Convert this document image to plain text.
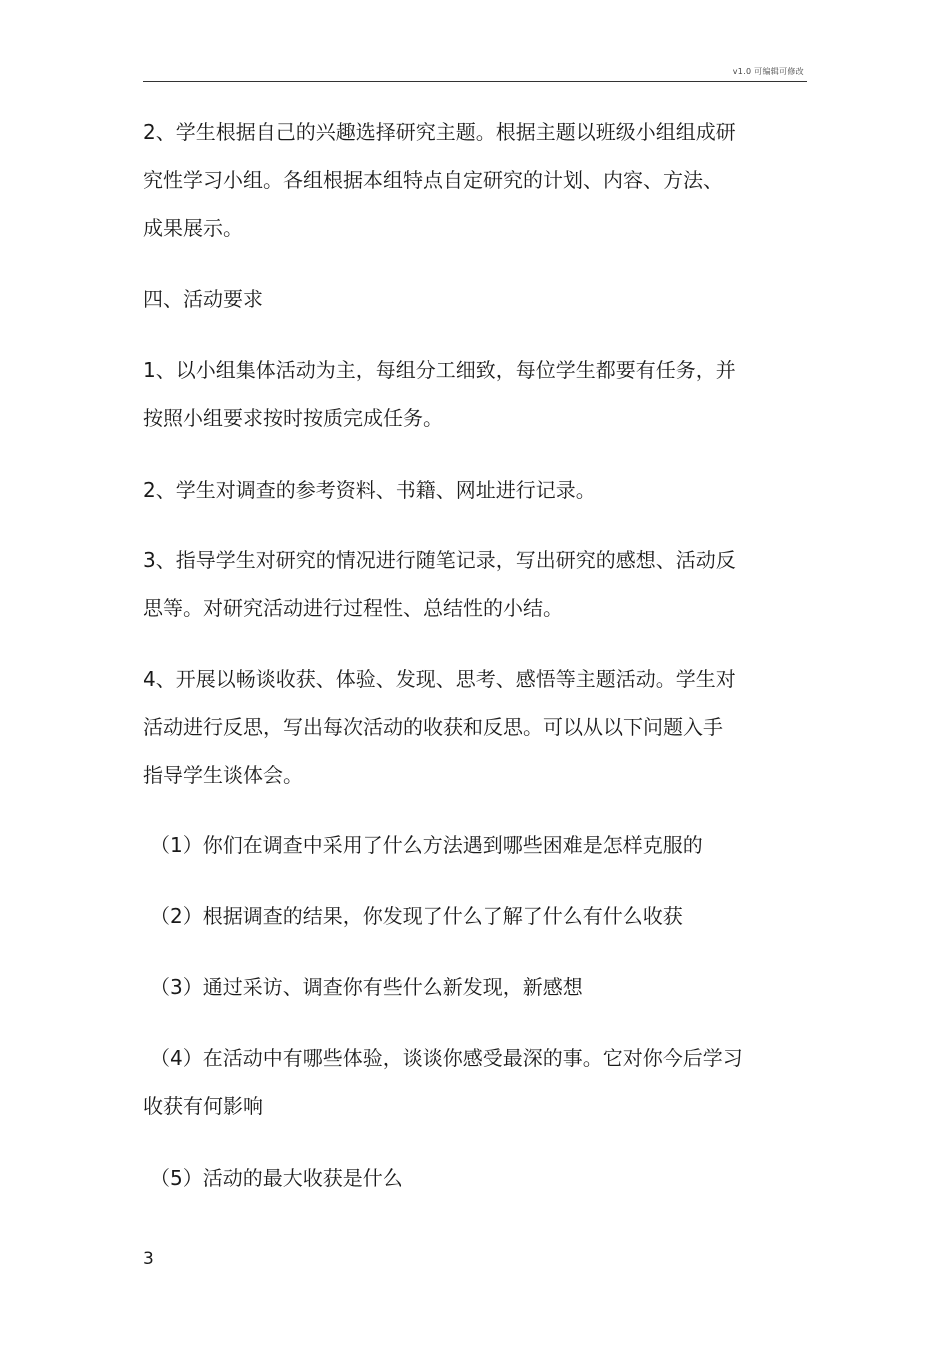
v1.0 可编辑可修改

2、学生根据自己的兴趣选择研究主题。根据主题以班级小组组成研

究性学习小组。各组根据本组特点自定研究的计划、内容、方法、

成果展示。

四、活动要求

1、以小组集体活动为主，每组分工细致，每位学生都要有任务，并

按照小组要求按时按质完成任务。

2、学生对调查的参考资料、书籍、网址进行记录。

3、指导学生对研究的情况进行随笔记录，写出研究的感想、活动反

思等。对研究活动进行过程性、总结性的小结。

4、开展以畅谈收获、体验、发现、思考、感悟等主题活动。学生对

活动进行反思，写出每次活动的收获和反思。可以从以下问题入手

指导学生谈体会。

（1）你们在调查中采用了什么方法遇到哪些困难是怎样克服的

（2）根据调查的结果，你发现了什么了解了什么有什么收获

（3）通过采访、调查你有些什么新发现，新感想

（4）在活动中有哪些体验，谈谈你感受最深的事。它对你今后学习

收获有何影响

（5）活动的最大收获是什么

3
